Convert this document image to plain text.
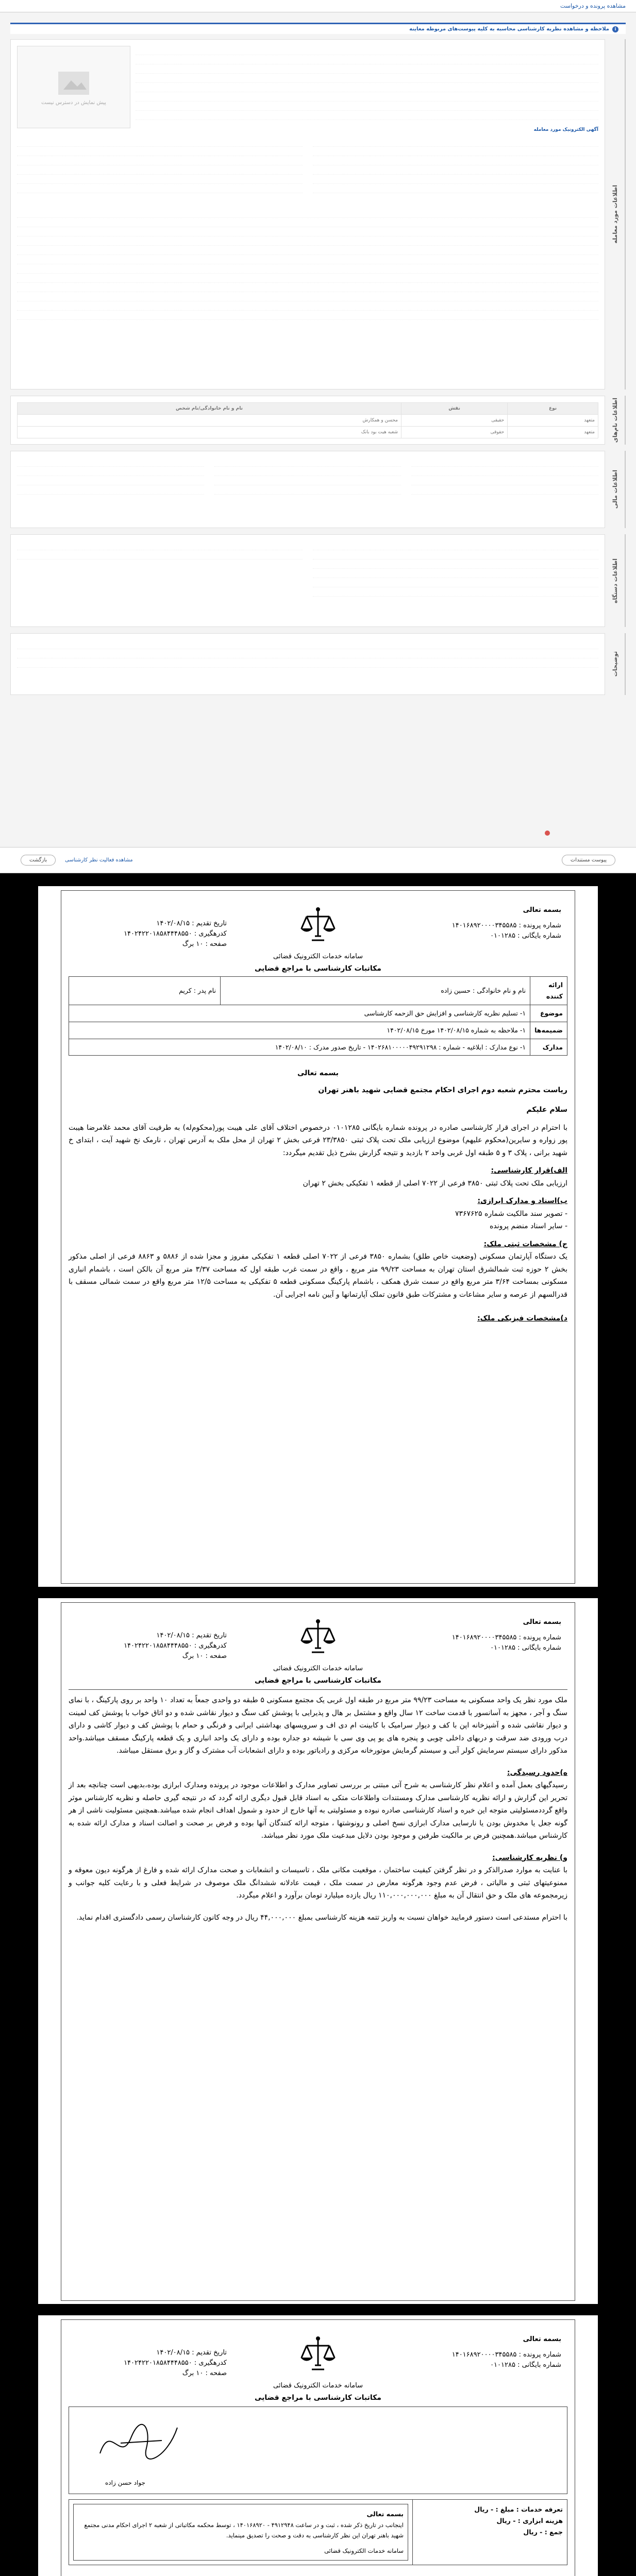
مشاهده پرونده و درخواست
i
ملاحظه و مشاهده نظریه کارشناسی محاسبه به کلیه پیوست‌های مربوطه معاینه
اطلاعات مورد معامله
پیش نمایش در دسترس نیست
آگهی الکترونیک مورد معامله
اطلاعات نام‌های
نوع	نقش	نام و نام خانوادگی/نام شخص
متعهد	حقیقی	محسن و همکارش
متعهد	حقوقی	شعبه هیت بود بانک
اطلاعات مالی
اطلاعات دستگاه
توضیحات
پیوست مستندات
مشاهده فعالیت نظر کارشناسی
بازگشت
بسمه تعالی
شماره پرونده : ۱۴۰۱۶۸۹۲۰۰۰۰۳۴۵۵۸۵
شماره بایگانی : ۰۱۰۱۲۸۵
سامانه خدمات الکترونیک قضائی
مکاتبات کارشناسی با مراجع قضایی
تاریخ تقدیم : ۱۴۰۲/۰۸/۱۵
کدرهگیری : ۱۴۰۲۴۲۲۰۱۸۵۸۴۴۴۸۵۵۰
صفحه : ۱۰ برگ
ارائه کننده	نام و نام خانوادگی : حسین زاده	نام پدر : کریم
موضوع	۱- تسلیم نظریه کارشناسی و افزایش حق الزحمه کارشناسی	
ضمیمه‌ها	۱- ملاحظه به شماره ۱۴۰۲/۰۸/۱۵ مورخ ۱۴۰۲/۰۸/۱۵	
مدارک	۱- نوع مدارک : ابلاغیه - شماره : ۱۴۰۲۶۸۱۰۰۰۰۰۴۹۲۹۱۲۹۸ - تاریخ صدور مدرک : ۱۴۰۲/۰۸/۱۰	
بسمه تعالی
ریاست محترم شعبه دوم اجرای احکام مجتمع قضایی شهید باهنر تهران
سلام علیکم

با احترام در اجرای قرار کارشناسی صادره در پرونده شماره بایگانی ۰۱۰۱۲۸۵ درخصوص اختلاف آقای علی هیبت پور(محکوم‌له) به طرفیت آقای محمد غلامرضا هیبت پور زواره و سایرین(محکوم علیهم) موضوع ارزیابی ملک تحت پلاک ثبتی ۲۳/۳۸۵۰ فرعی بخش ۲ تهران از محل ملک به آدرس تهران ، نارمک نخ شهید آیت ، ابتدای خ شهید برانی ، پلاک ۳ و ۵ طبقه اول غربی واحد ۲ بازدید و نتیجه گزارش بشرح ذیل تقدیم میگردد:

الف)قرار کارشناسی:

ارزیابی ملک تحت پلاک ثبتی ۳۸۵۰ فرعی از ۷۰۲۲ اصلی از قطعه ۱ تفکیکی بخش ۲ تهران

ب)اسناد و مدارک ابرازی:

- تصویر سند مالکیت شماره ۷۳۶۷۶۲۵

- سایر اسناد منضم پرونده

ج) مشخصات ثبتی ملک:

یک دستگاه آپارتمان مسکونی (وضعیت خاص طلق) بشماره ۳۸۵۰ فرعی از ۷۰۲۲ اصلی قطعه ۱ تفکیکی مفروز و مجزا شده از ۵۸۸۶ و ۸۸۶۳ فرعی از اصلی مذکور بخش ۲ حوزه ثبت شمالشرق استان تهران به مساحت ۹۹/۲۳ متر مربع ، واقع در سمت غرب طبقه اول که مساحت ۳/۳۷ متر مربع آن بالکن است ، باشمام انباری مسکونی بمساحت ۳/۶۴ متر مربع واقع در سمت شرق همکف ، باشمام پارکینگ مسکونی قطعه ۵ تفکیکی به مساحت ۱۲/۵ متر مربع واقع در سمت شمالی مسقف با قدرالسهم از عرصه و سایر مشاعات و مشترکات طبق قانون تملک آپارتمانها و آیین نامه اجرایی آن.

د)مشخصات فیزیکی ملک:
بسمه تعالی
شماره پرونده : ۱۴۰۱۶۸۹۲۰۰۰۰۳۴۵۵۸۵
شماره بایگانی : ۰۱۰۱۲۸۵
سامانه خدمات الکترونیک قضائی
مکاتبات کارشناسی با مراجع قضایی
تاریخ تقدیم : ۱۴۰۲/۰۸/۱۵
کدرهگیری : ۱۴۰۲۴۲۲۰۱۸۵۸۴۴۴۸۵۵۰
صفحه : ۱۰ برگ

ملک مورد نظر یک واحد مسکونی به مساحت ۹۹/۲۳ متر مربع در طبقه اول غربی یک مجتمع مسکونی ۵ طبقه دو واحدی جمعاً به تعداد ۱۰ واحد بر روی پارکینگ ، با نمای سنگ و آجر ، مجهز به آسانسور با قدمت ساخت ۱۲ سال واقع و مشتمل بر هال و پذیرایی با پوشش کف سنگ و دیوار نقاشی شده و دو اتاق خواب با پوشش کف لمینت و دیوار نقاشی شده و آشپزخانه اپن با کف و دیوار سرامیک با کابینت ام دی اف و سرویسهای بهداشتی ایرانی و فرنگی و حمام با پوشش کف و دیوار کاشی و دارای درب ورودی ضد سرقت و دربهای داخلی چوبی و پنجره های یو پی وی سی با شیشه دو جداره بوده و دارای یک واحد انباری و یک قطعه پارکینگ مسقف میباشد.واحد مذکور دارای سیستم سرمایش کولر آبی و سیستم گرمایش موتورخانه مرکزی و رادیاتور بوده و دارای انشعابات آب مشترک و گاز و برق مستقل میباشد.

ه)حدود رسیدگی:

رسیدگیهای بعمل آمده و اعلام نظر کارشناسی به شرح آتی مبتنی بر بررسی تصاویر مدارک و اطلاعات موجود در پرونده ومدارک ابرازی بوده،بدیهی است چنانچه بعد از تحریر این گزارش و ارائه نظریه کارشناسی مدارک ومستندات واطلاعات متکی به اسناد قابل قبول دیگری ارائه گردد که در نتیجه گیری حاصله و نظریه کارشناس موثر واقع گرددمسئولیتی متوجه این خبره و اسناد کارشناسی صادره نبوده و مسئولیتی به آنها خارج از حدود و شمول اهداف انجام شده میباشد.همچنین مسئولیت ناشی از هر گونه جعل یا مخدوش بودن یا نارسایی مدارک ابرازی نسخ اصلی و رونوشتها ، متوجه ارائه کنندگان آنها بوده و فرض بر صحت و اصالت اسناد و مدارک ارائه شده به کارشناس میباشد.همچنین فرض بر مالکیت طرفین و موجود بودن دلایل مبدعیت ملک مورد نظر میباشد.

و) نظریه کارشناسی:

با عنایت به موارد صدرالذکر و در نظر گرفتن کیفیت ساختمان ، موقعیت مکانی ملک ، تاسیسات و انشعابات و صحت مدارک ارائه شده و فارغ از هرگونه دیون معوقه و ممنوعیتهای ثبتی و مالیاتی ، فرض عدم وجود هرگونه معارض در سمت ملک ، قیمت عادلانه ششدانگ ملک موصوف در شرایط فعلی و با رعایت کلیه جوانب و زیرمجموعه های ملک و حق انتقال آن به مبلغ ۱۱۰,۰۰۰,۰۰۰,۰۰۰ ریال یازده میلیارد تومان برآورد و اعلام میگردد.

با احترام مستدعی است دستور فرمایید خواهان نسبت به واریز تتمه هزینه کارشناسی بمبلغ ۴۴,۰۰۰,۰۰۰ ریال در وجه کانون کارشناسان رسمی دادگستری اقدام نماید.

بسمه تعالی
شماره پرونده : ۱۴۰۱۶۸۹۲۰۰۰۰۳۴۵۵۸۵
شماره بایگانی : ۰۱۰۱۲۸۵
سامانه خدمات الکترونیک قضائی
مکاتبات کارشناسی با مراجع قضایی
تاریخ تقدیم : ۱۴۰۲/۰۸/۱۵
کدرهگیری : ۱۴۰۲۴۲۲۰۱۸۵۸۴۴۴۸۵۵۰
صفحه : ۱۰ برگ
جواد حسن زاده
تعرفه خدمات : مبلغ : - ریال
هزینه ابزاری : - ریال
جمع : - ریال
بسمه تعالی
اینجانب در تاریخ ذکر شده ، ثبت و در ساعت ۴۹۱۲۹۴۸ - ۱۴۰۱۶۸۹۲۰ ، توسط محکمه مکاتباتی از شعبه ۲ اجرای احکام مدنی مجتمع شهید باهنر تهران این نظر کارشناسی به دقت و صحت را تصدیق مینماید.
سامانه خدمات الکترونیک قضائی
